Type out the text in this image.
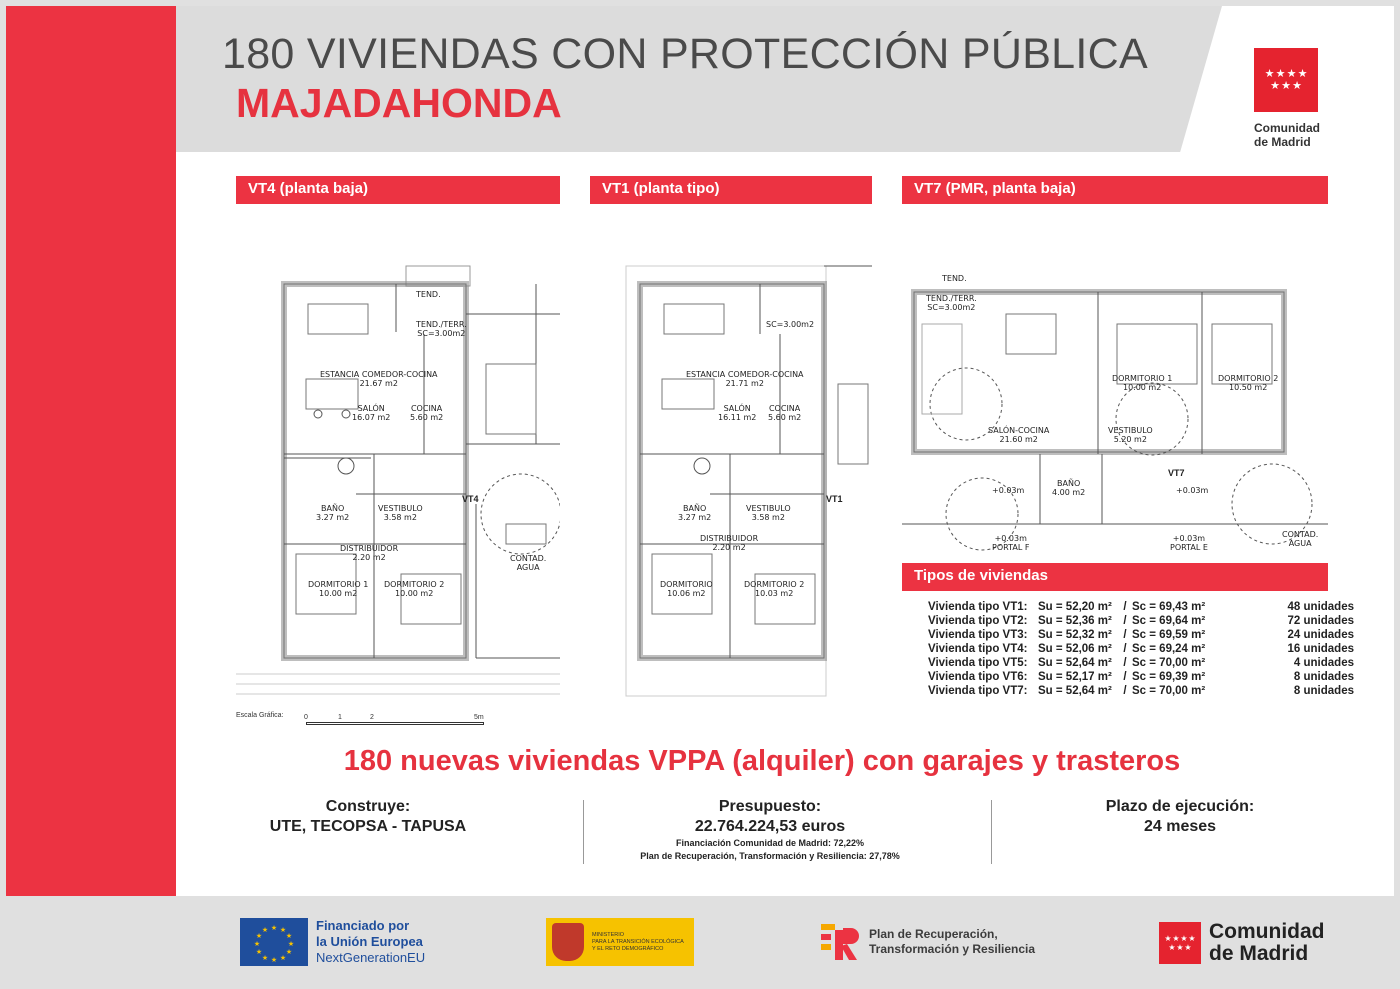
180 VIVIENDAS CON PROTECCIÓN PÚBLICA
MAJADAHONDA
★ ★ ★ ★
★ ★ ★
Comunidad
de Madrid
VT4 (planta baja)
TEND.
TEND./TERR.
SC=3.00m2
ESTANCIA COMEDOR-COCINA
21.67 m2
SALÓN
16.07 m2
COCINA
5.60 m2
BAÑO
3.27 m2
VESTIBULO
3.58 m2
DISTRIBUIDOR
2.20 m2
DORMITORIO 1
10.00 m2
DORMITORIO 2
10.00 m2
CONTAD.
AGUA
VT4
VT1 (planta tipo)
SC=3.00m2
ESTANCIA COMEDOR-COCINA
21.71 m2
SALÓN
16.11 m2
COCINA
5.60 m2
BAÑO
3.27 m2
VESTIBULO
3.58 m2
DISTRIBUIDOR
2.20 m2
DORMITORIO
10.06 m2
DORMITORIO 2
10.03 m2
VT1
VT7 (PMR, planta baja)
TEND.
TEND./TERR.
SC=3.00m2
DORMITORIO 1
10.00 m2
DORMITORIO 2
10.50 m2
SALÓN-COCINA
21.60 m2
VESTIBULO
5.20 m2
BAÑO
4.00 m2
+0.03m	+0.03m
+0.03m
PORTAL F
+0.03m
PORTAL E
CONTAD.
AGUA
VT7
Escala Gráfica:	0	1	2	5m
Tipos de viviendas
Vivienda tipo VT1: Su = 52,20 m²	/ Sc = 69,43 m²	48 unidades
Vivienda tipo VT2: Su = 52,36 m²	/ Sc = 69,64 m²	72 unidades
Vivienda tipo VT3: Su = 52,32 m²	/ Sc = 69,59 m²	24 unidades
Vivienda tipo VT4: Su = 52,06 m²	/ Sc = 69,24 m²	16 unidades
Vivienda tipo VT5: Su = 52,64 m²	/ Sc = 70,00 m²	4 unidades
Vivienda tipo VT6: Su = 52,17 m²	/ Sc = 69,39 m²	8 unidades
Vivienda tipo VT7: Su = 52,64 m²	/ Sc = 70,00 m²	8 unidades
180 nuevas viviendas VPPA (alquiler) con garajes y trasteros
Construye:
UTE, TECOPSA - TAPUSA
Presupuesto:
22.764.224,53 euros
Financiación Comunidad de Madrid: 72,22%
Plan de Recuperación, Transformación y Resiliencia: 27,78%
Plazo de ejecución:
24 meses
★ ★
★
★
★
★
★
★
★
★
★
★	Financiado por
la Unión Europea
NextGenerationEU
MINISTERIO
PARA LA TRANSICIÓN ECOLÓGICA
Y EL RETO DEMOGRÁFICO
Plan de Recuperación,
Transformación y Resiliencia
★ ★ ★ ★
★ ★ ★
Comunidad
de Madrid
